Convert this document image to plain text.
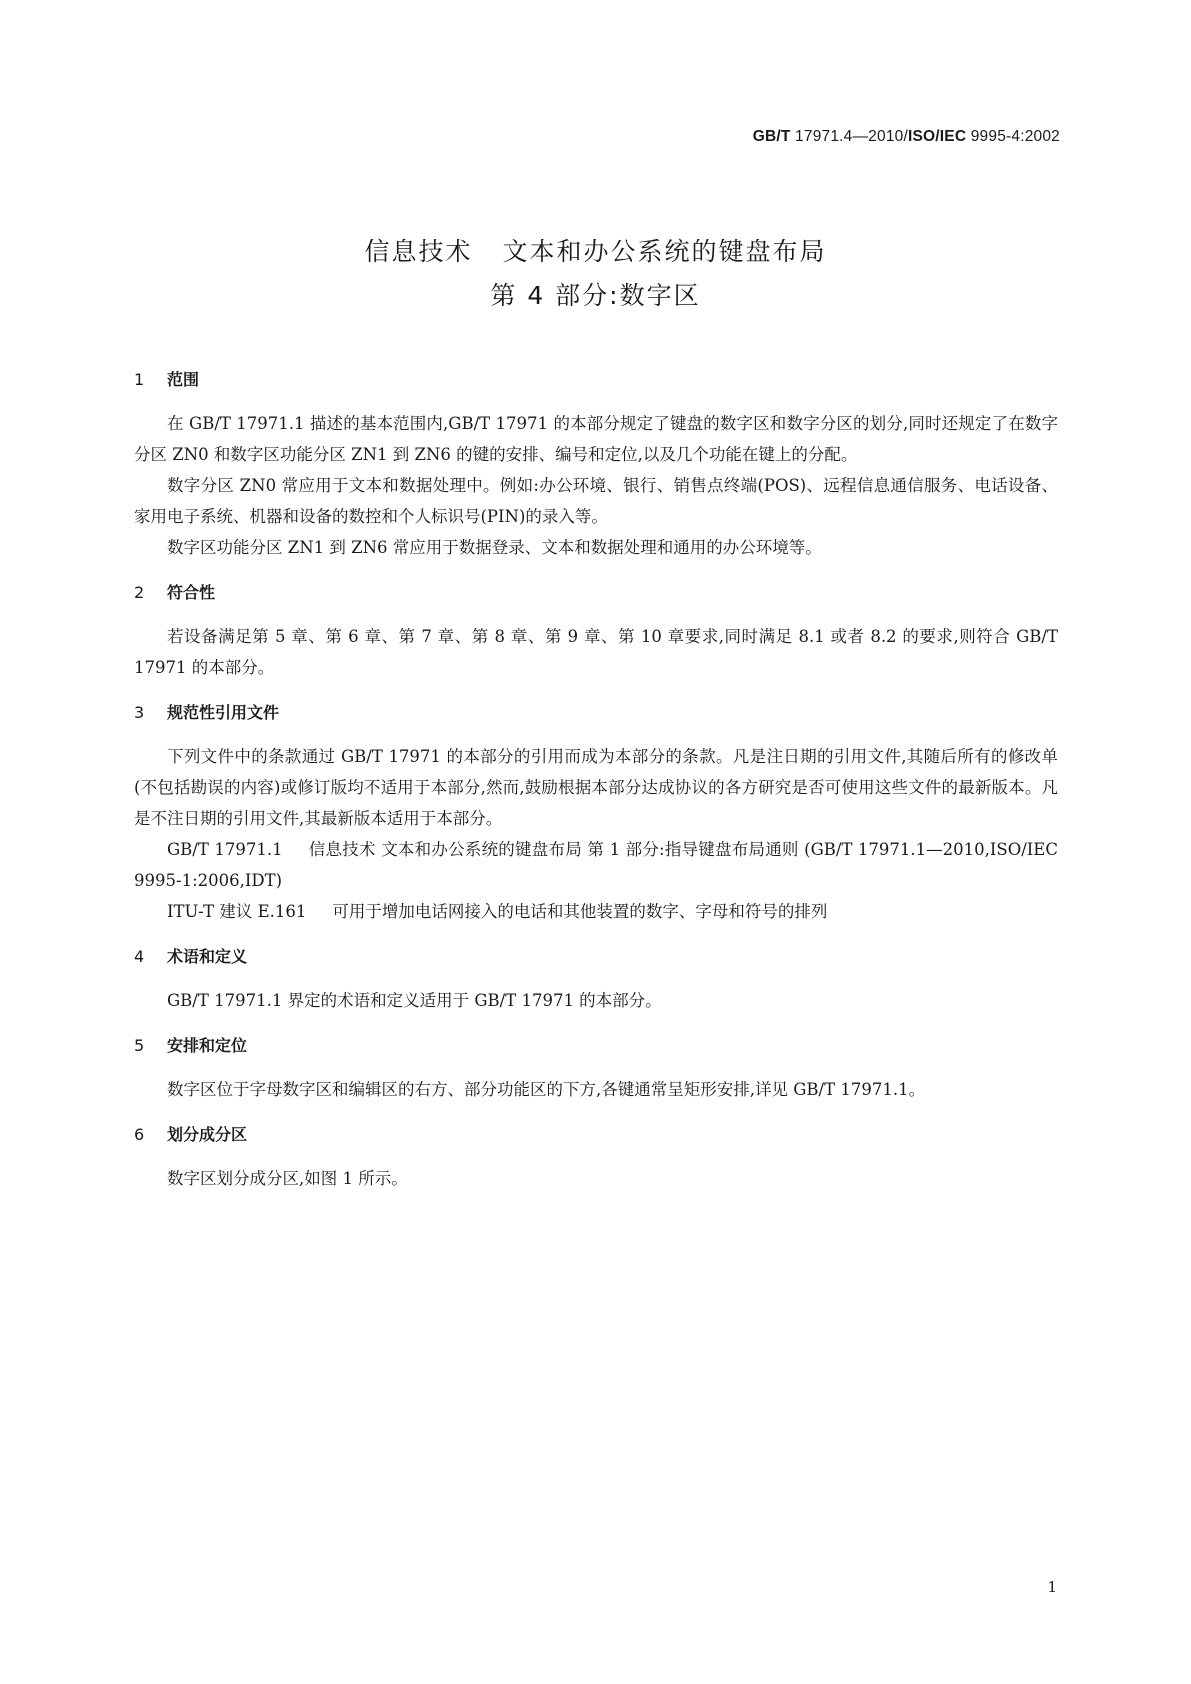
GB/T 17971.4—2010/ISO/IEC 9995-4:2002
信息技术 文本和办公系统的键盘布局
第 4 部分:数字区
1 范围

在 GB/T 17971.1 描述的基本范围内,GB/T 17971 的本部分规定了键盘的数字区和数字分区的划分,同时还规定了在数字分区 ZN0 和数字区功能分区 ZN1 到 ZN6 的键的安排、编号和定位,以及几个功能在键上的分配。

数字分区 ZN0 常应用于文本和数据处理中。例如:办公环境、银行、销售点终端(POS)、远程信息通信服务、电话设备、家用电子系统、机器和设备的数控和个人标识号(PIN)的录入等。

数字区功能分区 ZN1 到 ZN6 常应用于数据登录、文本和数据处理和通用的办公环境等。

2 符合性

若设备满足第 5 章、第 6 章、第 7 章、第 8 章、第 9 章、第 10 章要求,同时满足 8.1 或者 8.2 的要求,则符合 GB/T 17971 的本部分。

3 规范性引用文件

下列文件中的条款通过 GB/T 17971 的本部分的引用而成为本部分的条款。凡是注日期的引用文件,其随后所有的修改单(不包括勘误的内容)或修订版均不适用于本部分,然而,鼓励根据本部分达成协议的各方研究是否可使用这些文件的最新版本。凡是不注日期的引用文件,其最新版本适用于本部分。

GB/T 17971.1 信息技术 文本和办公系统的键盘布局 第 1 部分:指导键盘布局通则 (GB/T 17971.1—2010,ISO/IEC 9995-1:2006,IDT)

ITU-T 建议 E.161 可用于增加电话网接入的电话和其他装置的数字、字母和符号的排列

4 术语和定义

GB/T 17971.1 界定的术语和定义适用于 GB/T 17971 的本部分。

5 安排和定位

数字区位于字母数字区和编辑区的右方、部分功能区的下方,各键通常呈矩形安排,详见 GB/T 17971.1。

6 划分成分区

数字区划分成分区,如图 1 所示。

1
